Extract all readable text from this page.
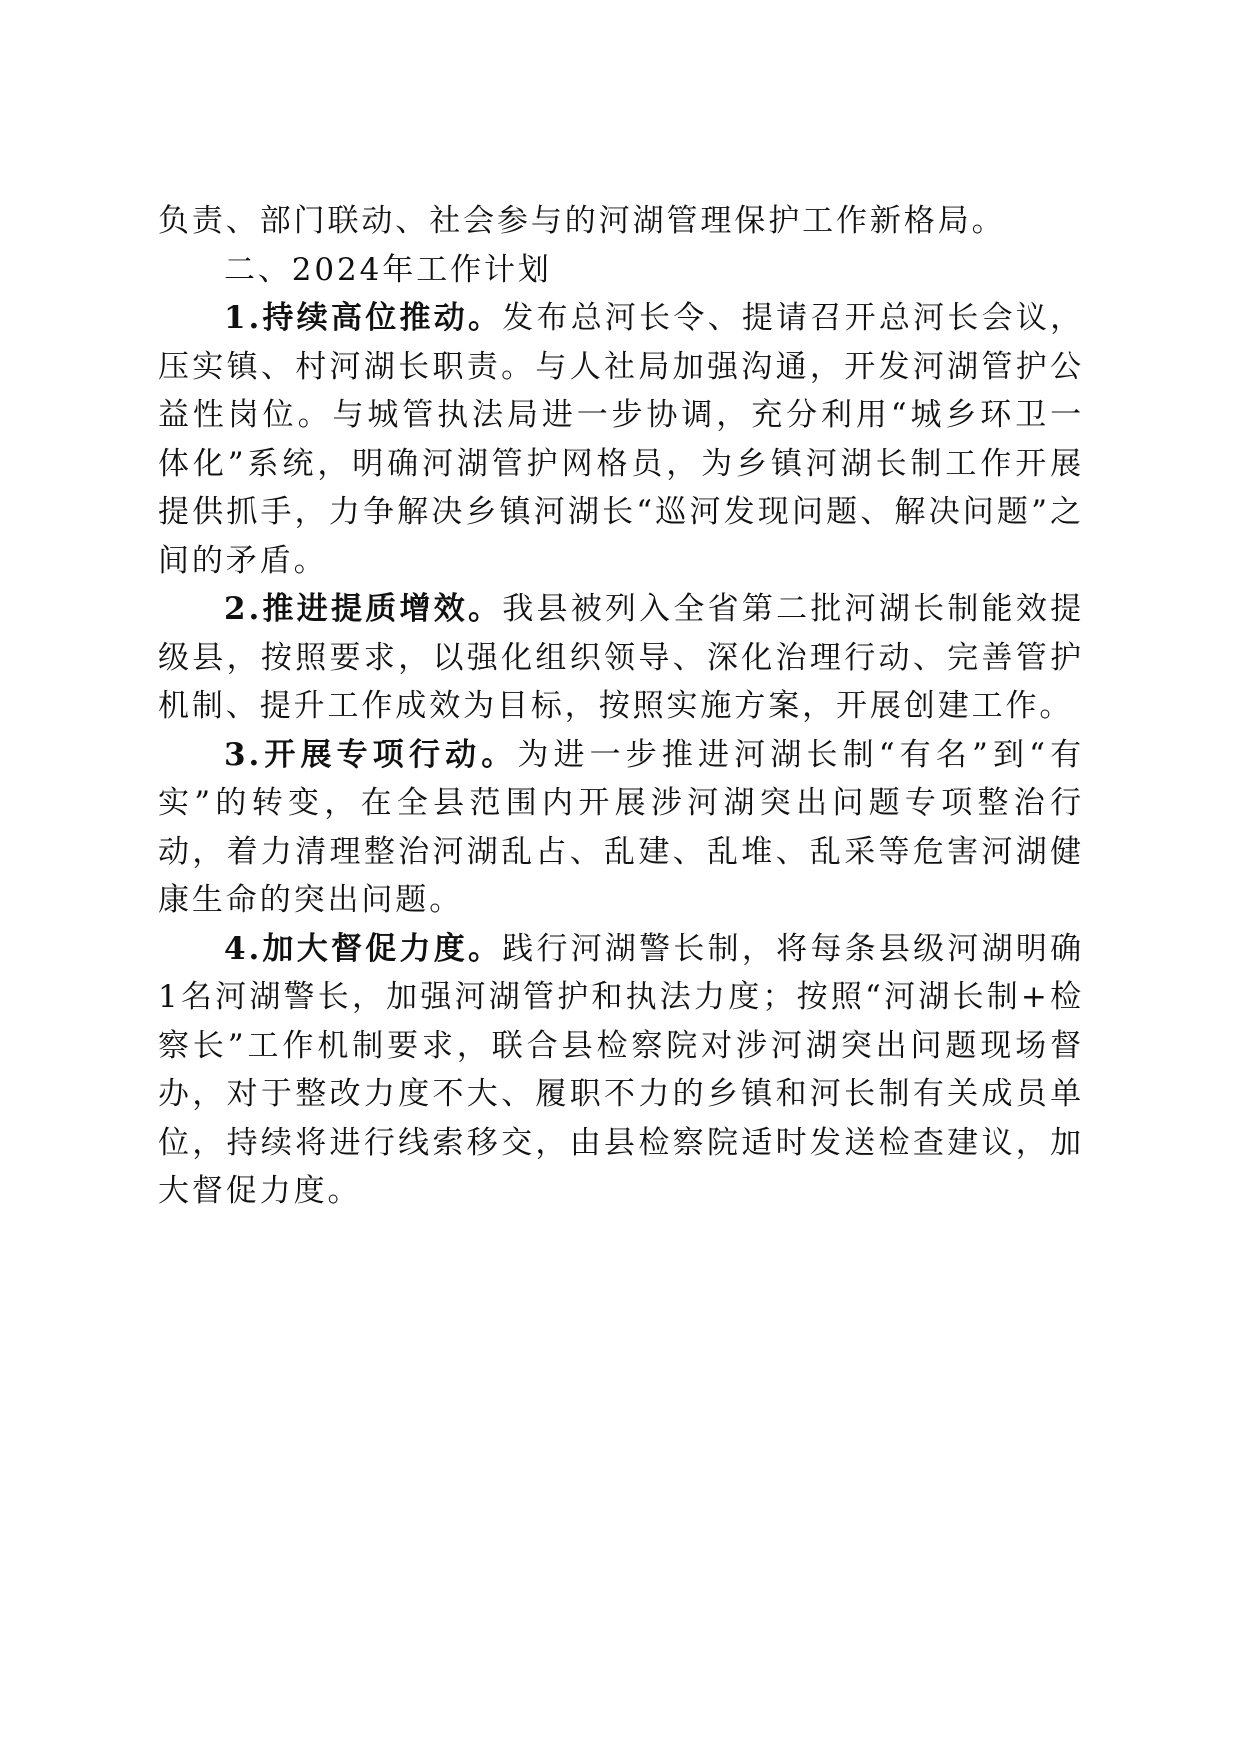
负责、部门联动、社会参与的河湖管理保护工作新格局。

二、2024年工作计划

1.持续高位推动。发布总河长令、提请召开总河长会议，压实镇、村河湖长职责。与人社局加强沟通，开发河湖管护公益性岗位。与城管执法局进一步协调，充分利用“城乡环卫一体化”系统，明确河湖管护网格员，为乡镇河湖长制工作开展提供抓手，力争解决乡镇河湖长“巡河发现问题、解决问题”之间的矛盾。

2.推进提质增效。我县被列入全省第二批河湖长制能效提级县，按照要求，以强化组织领导、深化治理行动、完善管护机制、提升工作成效为目标，按照实施方案，开展创建工作。

3.开展专项行动。为进一步推进河湖长制“有名”到“有实”的转变，在全县范围内开展涉河湖突出问题专项整治行动，着力清理整治河湖乱占、乱建、乱堆、乱采等危害河湖健康生命的突出问题。

4.加大督促力度。践行河湖警长制，将每条县级河湖明确1名河湖警长，加强河湖管护和执法力度；按照“河湖长制+检察长”工作机制要求，联合县检察院对涉河湖突出问题现场督办，对于整改力度不大、履职不力的乡镇和河长制有关成员单位，持续将进行线索移交，由县检察院适时发送检查建议，加大督促力度。
